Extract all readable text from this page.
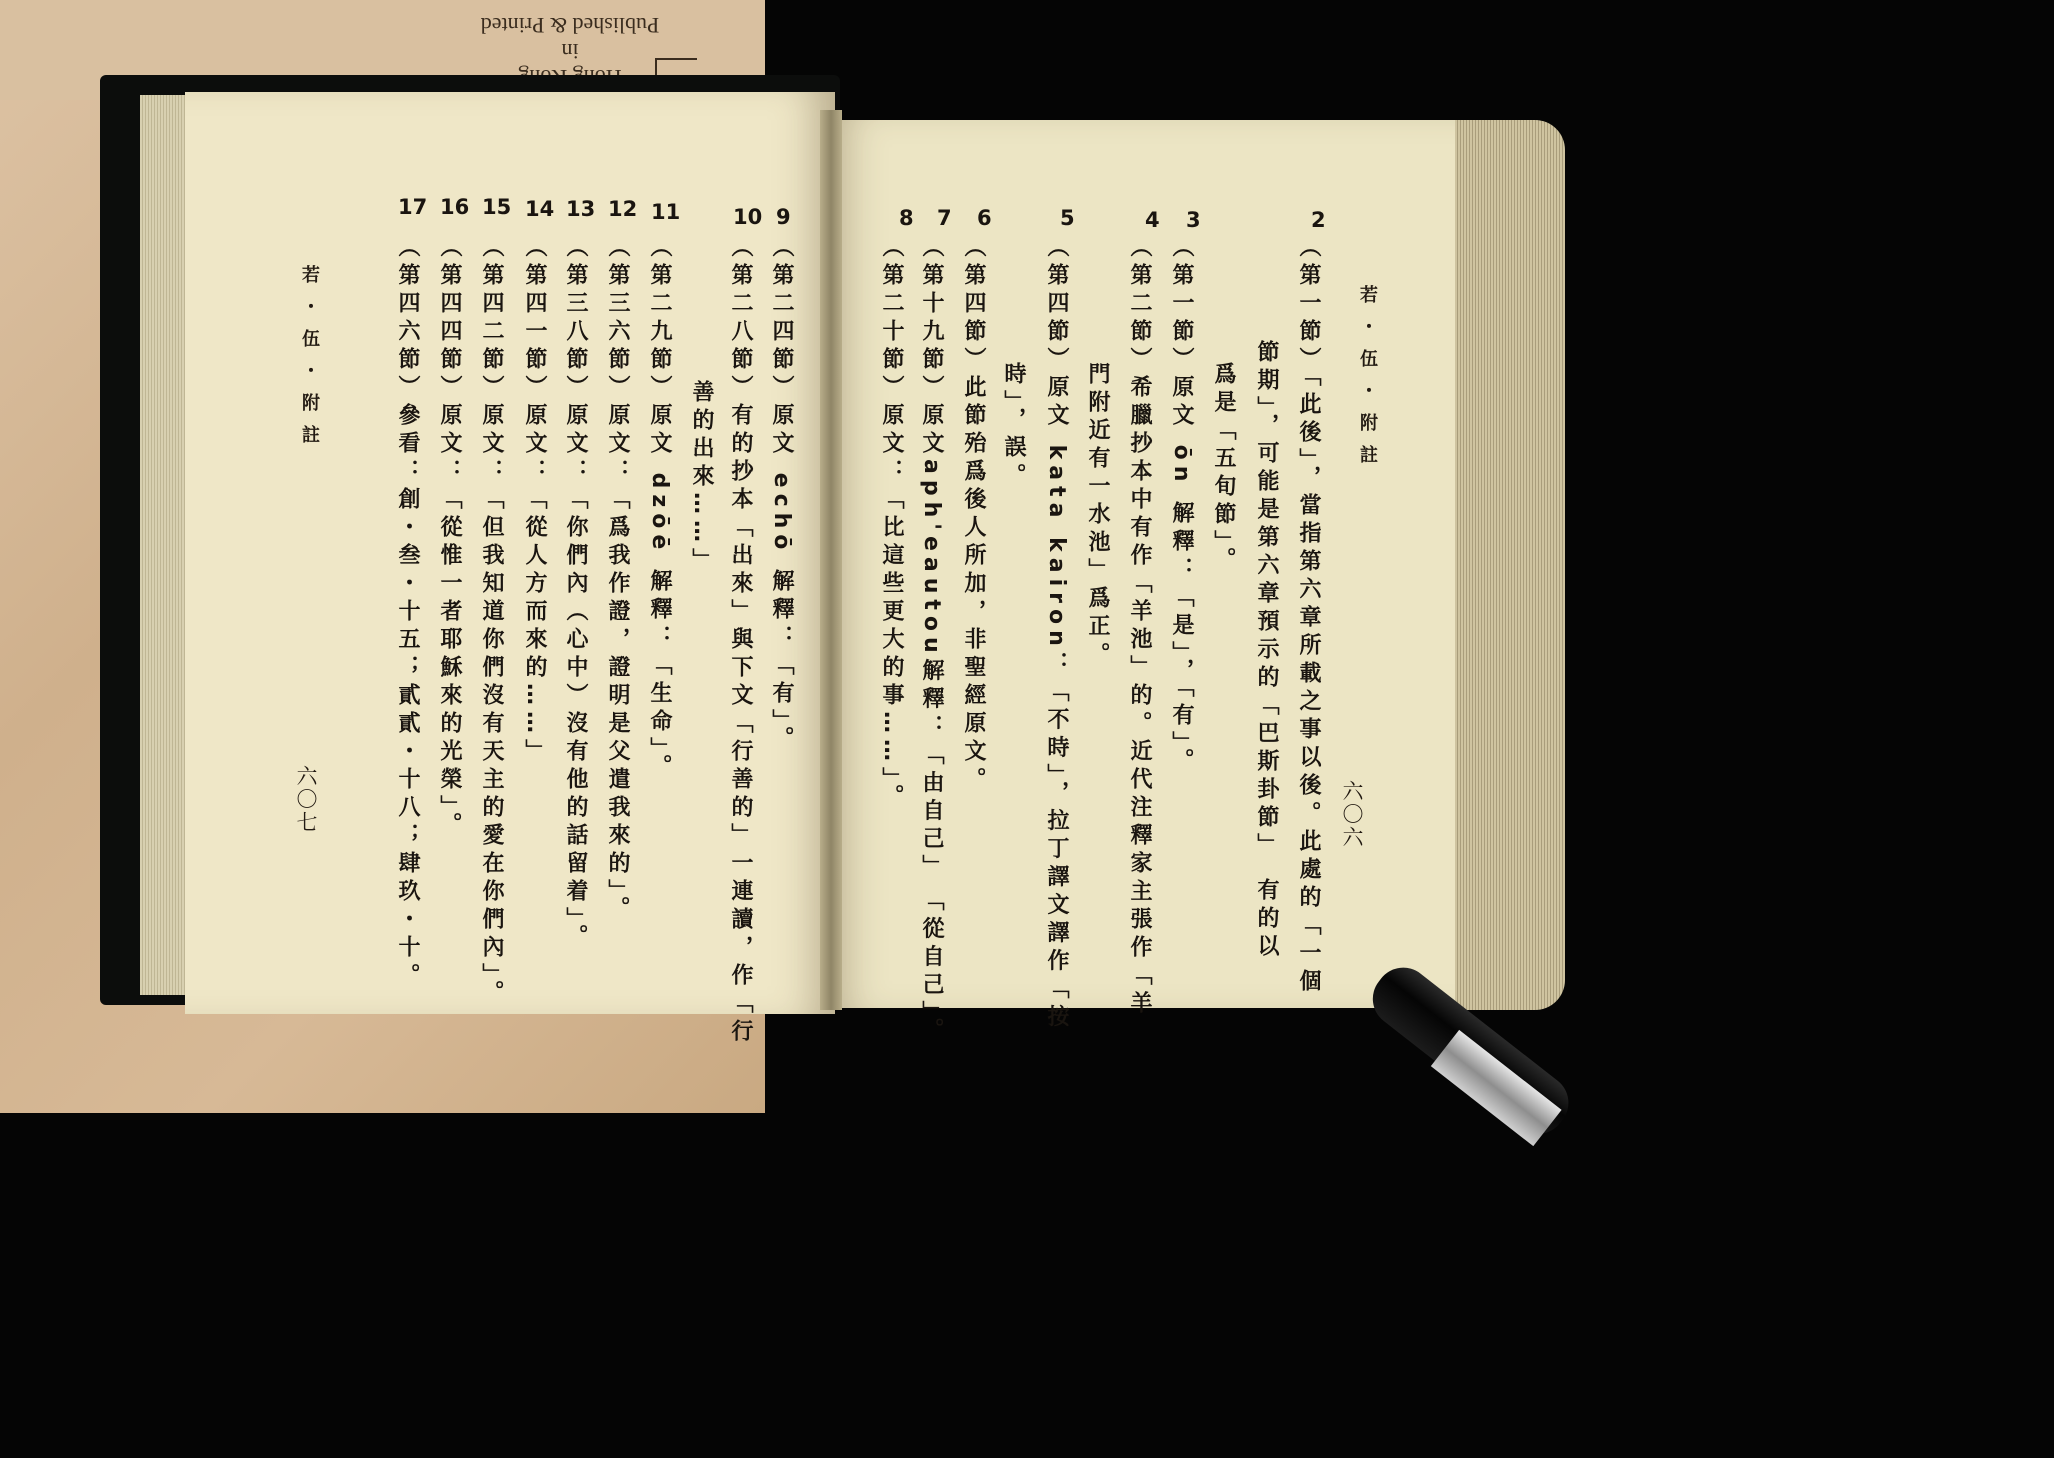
in
Published & Printed
若・伍・附註
六〇七
9
（第二四節）原文 echō 解釋：「有」。
10
（第二八節）有的抄本「出來」與下文「行善的」一連讀，作「行
善的出來……」
11
（第二九節）原文 dzōē 解釋：「生命」。
12
（第三六節）原文：「爲我作證，證明是父遣我來的」。
13
（第三八節）原文：「你們內（心中）沒有他的話留着」。
14
（第四一節）原文：「從人方而來的……」
15
（第四二節）原文：「但我知道你們沒有天主的愛在你們內」。
16
（第四四節）原文：「從惟一者耶穌來的光榮」。
17
（第四六節）參看：創・叁・十五；貳貳・十八；肆玖・十。	若・伍・附註
六〇六
2
（第一節）「此後」，當指第六章所載之事以後。此處的「一個
節期」，可能是第六章預示的「巴斯卦節」　有的以
爲是「五旬節」。
3
（第一節）原文 ōn 解釋：「是」，「有」。
4
（第二節）希臘抄本中有作「羊池」的。近代注釋家主張作「羊
門附近有一水池」爲正。
5
（第四節）原文 kata kairon：「不時」，拉丁譯文譯作「按
時」，誤。
6
（第四節）此節殆爲後人所加，非聖經原文。
7
（第十九節）原文aph'eautou解釋：「由自己」　「從自己」。
8
（第二十節）原文：「比這些更大的事……」。
